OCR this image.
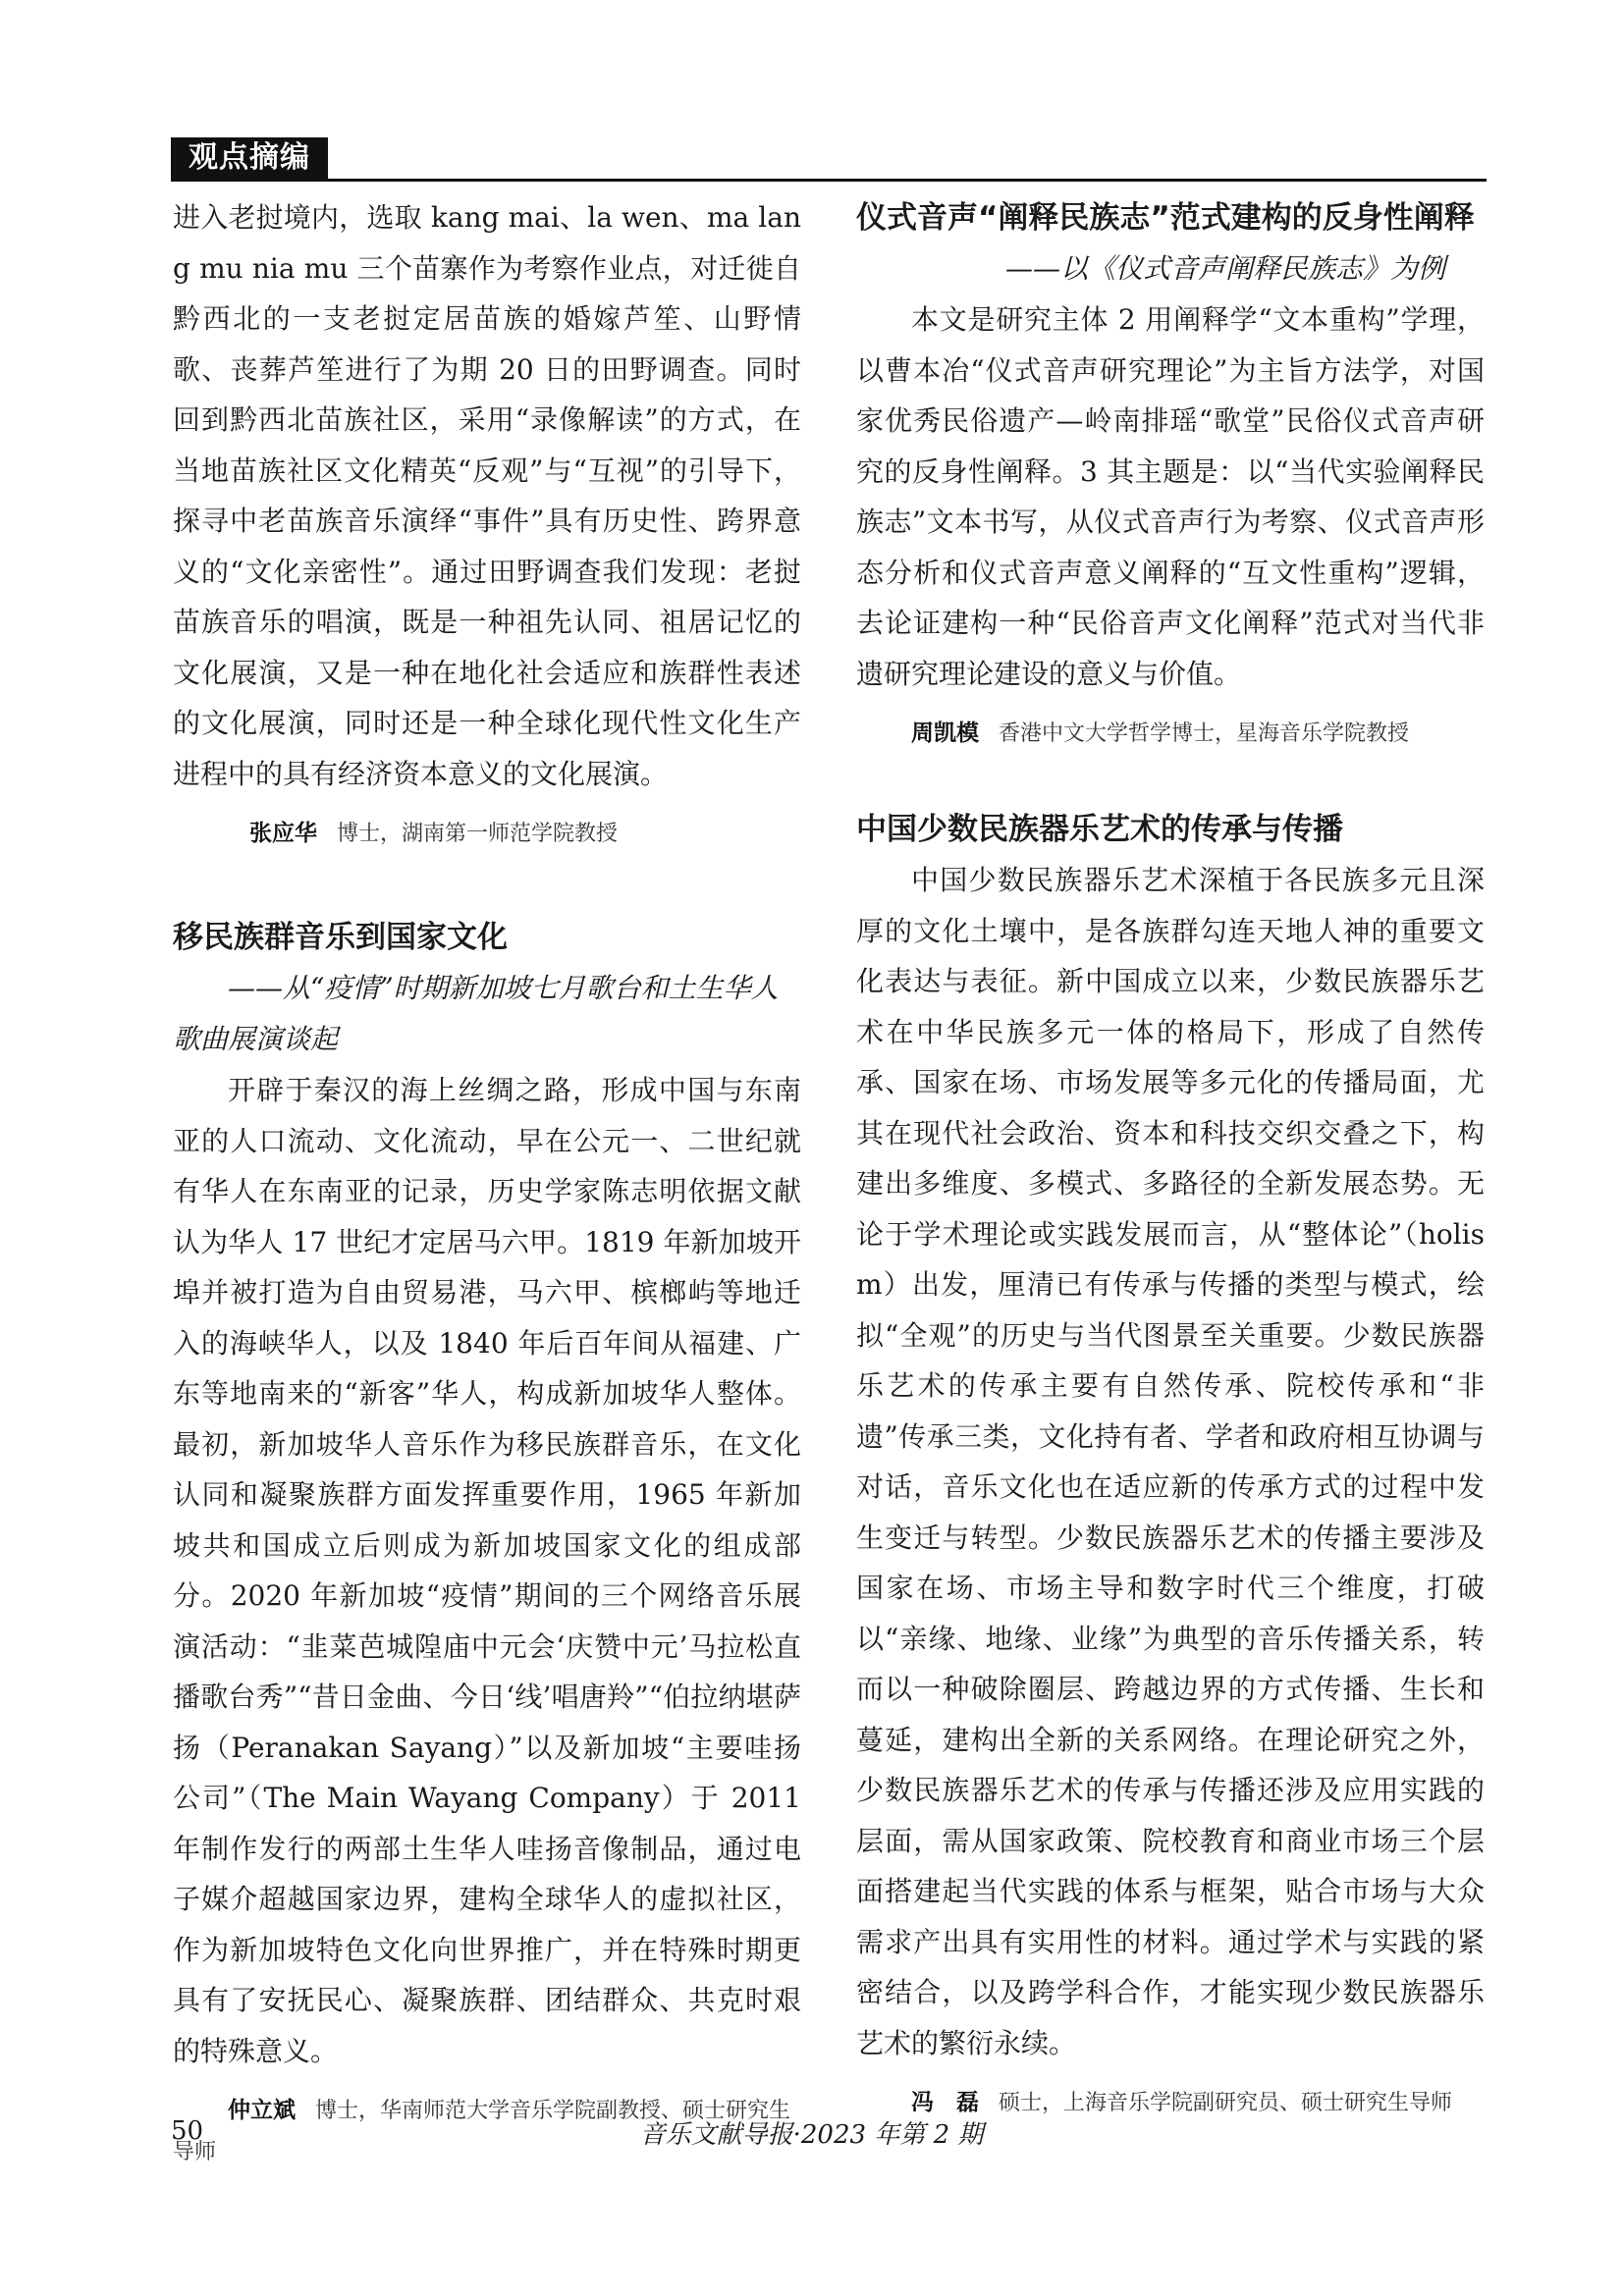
观点摘编

进入老挝境内，选取 kang mai、la wen、ma lang mu nia mu 三个苗寨作为考察作业点，对迁徙自黔西北的一支老挝定居苗族的婚嫁芦笙、山野情歌、丧葬芦笙进行了为期 20 日的田野调查。同时回到黔西北苗族社区，采用“录像解读”的方式，在当地苗族社区文化精英“反观”与“互视”的引导下，探寻中老苗族音乐演绎“事件”具有历史性、跨界意义的“文化亲密性”。通过田野调查我们发现：老挝苗族音乐的唱演，既是一种祖先认同、祖居记忆的文化展演，又是一种在地化社会适应和族群性表述的文化展演，同时还是一种全球化现代性文化生产进程中的具有经济资本意义的文化展演。

张应华 博士，湖南第一师范学院教授

移民族群音乐到国家文化

——从“疫情”时期新加坡七月歌台和土生华人歌曲展演谈起

开辟于秦汉的海上丝绸之路，形成中国与东南亚的人口流动、文化流动，早在公元一、二世纪就有华人在东南亚的记录，历史学家陈志明依据文献认为华人 17 世纪才定居马六甲。1819 年新加坡开埠并被打造为自由贸易港，马六甲、槟榔屿等地迁入的海峡华人，以及 1840 年后百年间从福建、广东等地南来的“新客”华人，构成新加坡华人整体。最初，新加坡华人音乐作为移民族群音乐，在文化认同和凝聚族群方面发挥重要作用，1965 年新加坡共和国成立后则成为新加坡国家文化的组成部分。2020 年新加坡“疫情”期间的三个网络音乐展演活动：“韭菜芭城隍庙中元会‘庆赞中元’马拉松直播歌台秀”“昔日金曲、今日‘线’唱唐羚”“伯拉纳堪萨扬（Peranakan Sayang）”以及新加坡“主要哇扬公司”（The Main Wayang Company）于 2011 年制作发行的两部土生华人哇扬音像制品，通过电子媒介超越国家边界，建构全球华人的虚拟社区，作为新加坡特色文化向世界推广，并在特殊时期更具有了安抚民心、凝聚族群、团结群众、共克时艰的特殊意义。

仲立斌 博士，华南师范大学音乐学院副教授、硕士研究生导师

仪式音声“阐释民族志”范式建构的反身性阐释

——以《仪式音声阐释民族志》为例

本文是研究主体 2 用阐释学“文本重构”学理，以曹本冶“仪式音声研究理论”为主旨方法学，对国家优秀民俗遗产—岭南排瑶“歌堂”民俗仪式音声研究的反身性阐释。3 其主题是：以“当代实验阐释民族志”文本书写，从仪式音声行为考察、仪式音声形态分析和仪式音声意义阐释的“互文性重构”逻辑，去论证建构一种“民俗音声文化阐释”范式对当代非遗研究理论建设的意义与价值。

周凯模 香港中文大学哲学博士，星海音乐学院教授

中国少数民族器乐艺术的传承与传播

中国少数民族器乐艺术深植于各民族多元且深厚的文化土壤中，是各族群勾连天地人神的重要文化表达与表征。新中国成立以来，少数民族器乐艺术在中华民族多元一体的格局下，形成了自然传承、国家在场、市场发展等多元化的传播局面，尤其在现代社会政治、资本和科技交织交叠之下，构建出多维度、多模式、多路径的全新发展态势。无论于学术理论或实践发展而言，从“整体论”（holism）出发，厘清已有传承与传播的类型与模式，绘拟“全观”的历史与当代图景至关重要。少数民族器乐艺术的传承主要有自然传承、院校传承和“非遗”传承三类，文化持有者、学者和政府相互协调与对话，音乐文化也在适应新的传承方式的过程中发生变迁与转型。少数民族器乐艺术的传播主要涉及国家在场、市场主导和数字时代三个维度，打破以“亲缘、地缘、业缘”为典型的音乐传播关系，转而以一种破除圈层、跨越边界的方式传播、生长和蔓延，建构出全新的关系网络。在理论研究之外，少数民族器乐艺术的传承与传播还涉及应用实践的层面，需从国家政策、院校教育和商业市场三个层面搭建起当代实践的体系与框架，贴合市场与大众需求产出具有实用性的材料。通过学术与实践的紧密结合，以及跨学科合作，才能实现少数民族器乐艺术的繁衍永续。

冯　磊 硕士，上海音乐学院副研究员、硕士研究生导师

50	音乐文献导报·2023 年第 2 期
